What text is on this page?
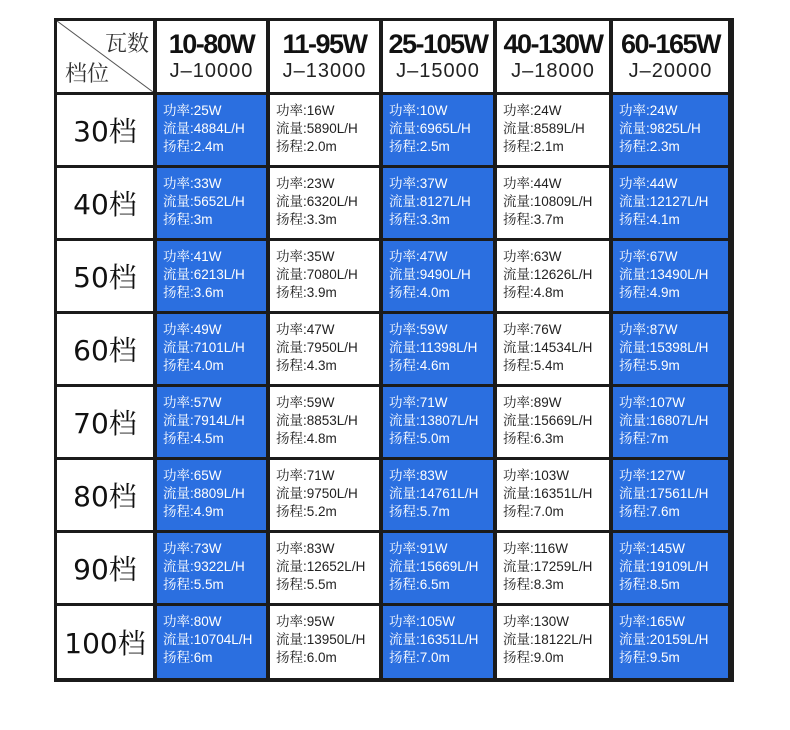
瓦数
档位
10-80W
J–10000
11-95W
J–13000
25-105W
J–15000
40-130W
J–18000
60-165W
J–20000
30档
功率:25W
流量:4884L/H
扬程:2.4m
功率:16W
流量:5890L/H
扬程:2.0m
功率:10W
流量:6965L/H
扬程:2.5m
功率:24W
流量:8589L/H
扬程:2.1m
功率:24W
流量:9825L/H
扬程:2.3m
40档
功率:33W
流量:5652L/H
扬程:3m
功率:23W
流量:6320L/H
扬程:3.3m
功率:37W
流量:8127L/H
扬程:3.3m
功率:44W
流量:10809L/H
扬程:3.7m
功率:44W
流量:12127L/H
扬程:4.1m
50档
功率:41W
流量:6213L/H
扬程:3.6m
功率:35W
流量:7080L/H
扬程:3.9m
功率:47W
流量:9490L/H
扬程:4.0m
功率:63W
流量:12626L/H
扬程:4.8m
功率:67W
流量:13490L/H
扬程:4.9m
60档
功率:49W
流量:7101L/H
扬程:4.0m
功率:47W
流量:7950L/H
扬程:4.3m
功率:59W
流量:11398L/H
扬程:4.6m
功率:76W
流量:14534L/H
扬程:5.4m
功率:87W
流量:15398L/H
扬程:5.9m
70档
功率:57W
流量:7914L/H
扬程:4.5m
功率:59W
流量:8853L/H
扬程:4.8m
功率:71W
流量:13807L/H
扬程:5.0m
功率:89W
流量:15669L/H
扬程:6.3m
功率:107W
流量:16807L/H
扬程:7m
80档
功率:65W
流量:8809L/H
扬程:4.9m
功率:71W
流量:9750L/H
扬程:5.2m
功率:83W
流量:14761L/H
扬程:5.7m
功率:103W
流量:16351L/H
扬程:7.0m
功率:127W
流量:17561L/H
扬程:7.6m
90档
功率:73W
流量:9322L/H
扬程:5.5m
功率:83W
流量:12652L/H
扬程:5.5m
功率:91W
流量:15669L/H
扬程:6.5m
功率:116W
流量:17259L/H
扬程:8.3m
功率:145W
流量:19109L/H
扬程:8.5m
100档
功率:80W
流量:10704L/H
扬程:6m
功率:95W
流量:13950L/H
扬程:6.0m
功率:105W
流量:16351L/H
扬程:7.0m
功率:130W
流量:18122L/H
扬程:9.0m
功率:165W
流量:20159L/H
扬程:9.5m
